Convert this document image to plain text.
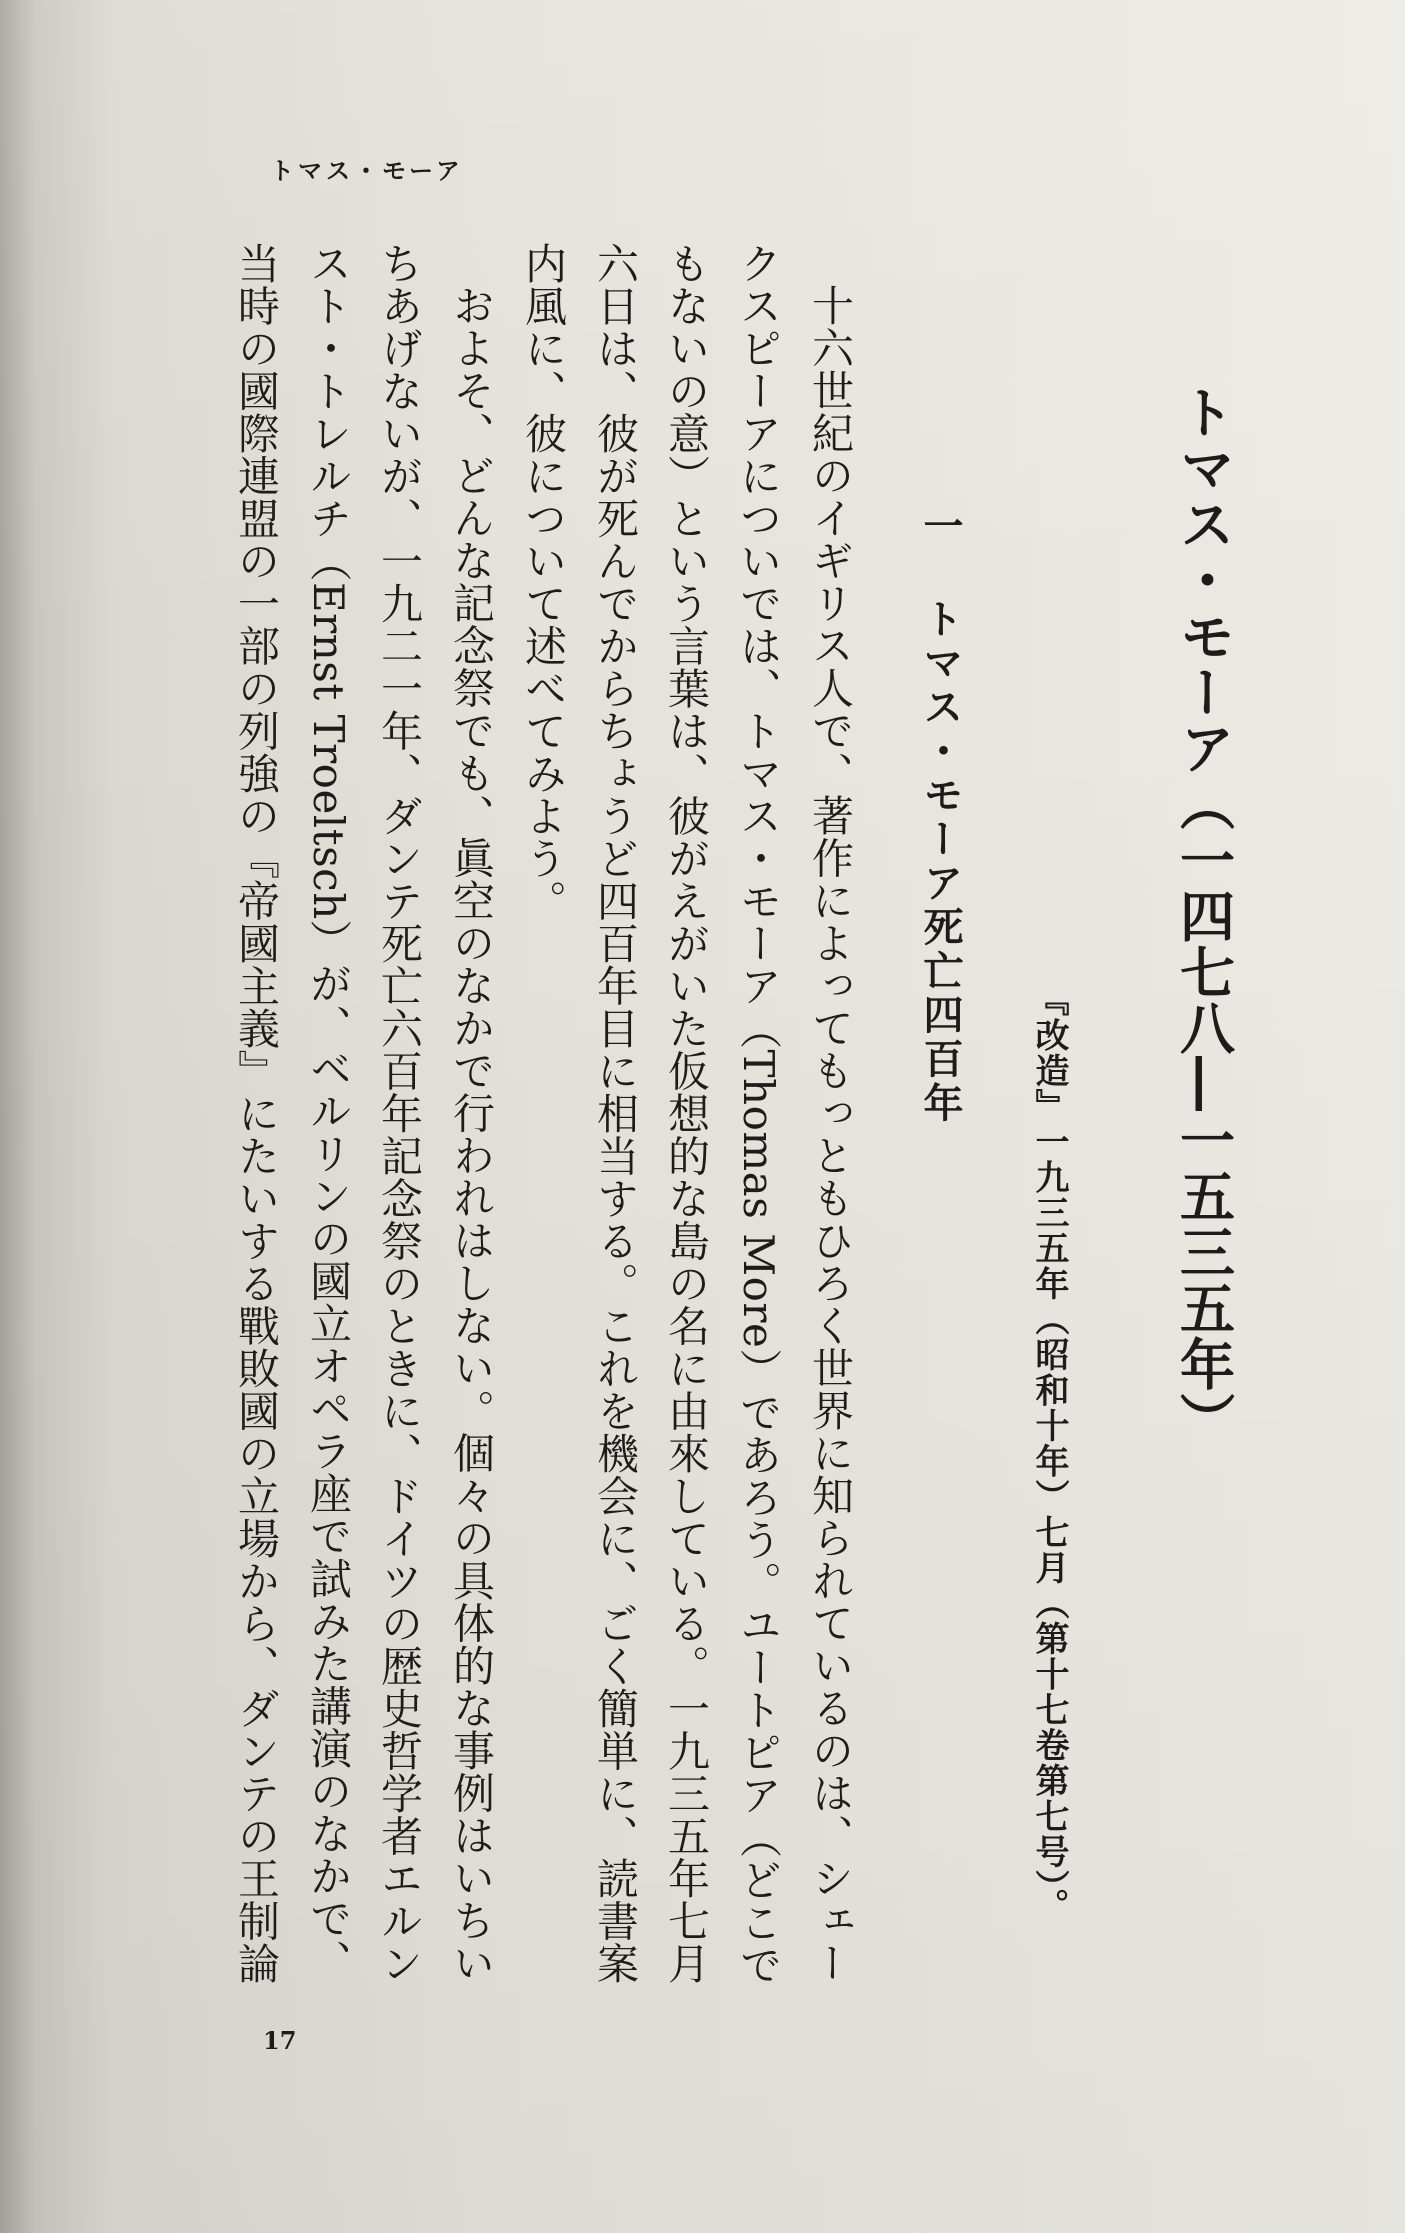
トマス・モーア
トマス・モーア（一四七八―一五三五年）
『改造』一九三五年（昭和十年）七月（第十七卷第七号）。
一
トマス・モーア死亡四百年
十六世紀のイギリス人で、著作によってもっともひろく世界に知られているのは、シェー
クスピーアについでは、トマス・モーア（Thomas More）であろう。ユートピア（どこで
もないの意）という言葉は、彼がえがいた仮想的な島の名に由來している。一九三五年七月
六日は、彼が死んでからちょうど四百年目に相当する。これを機会に、ごく簡単に、読書案
内風に、彼について述べてみよう。
およそ、どんな記念祭でも、眞空のなかで行われはしない。個々の具体的な事例はいちい
ちあげないが、一九二一年、ダンテ死亡六百年記念祭のときに、ドイツの歴史哲学者エルン
スト・トレルチ（Ernst Troeltsch）が、ベルリンの國立オペラ座で試みた講演のなかで、
当時の國際連盟の一部の列強の『帝國主義』にたいする戰敗國の立場から、ダンテの王制論
17
